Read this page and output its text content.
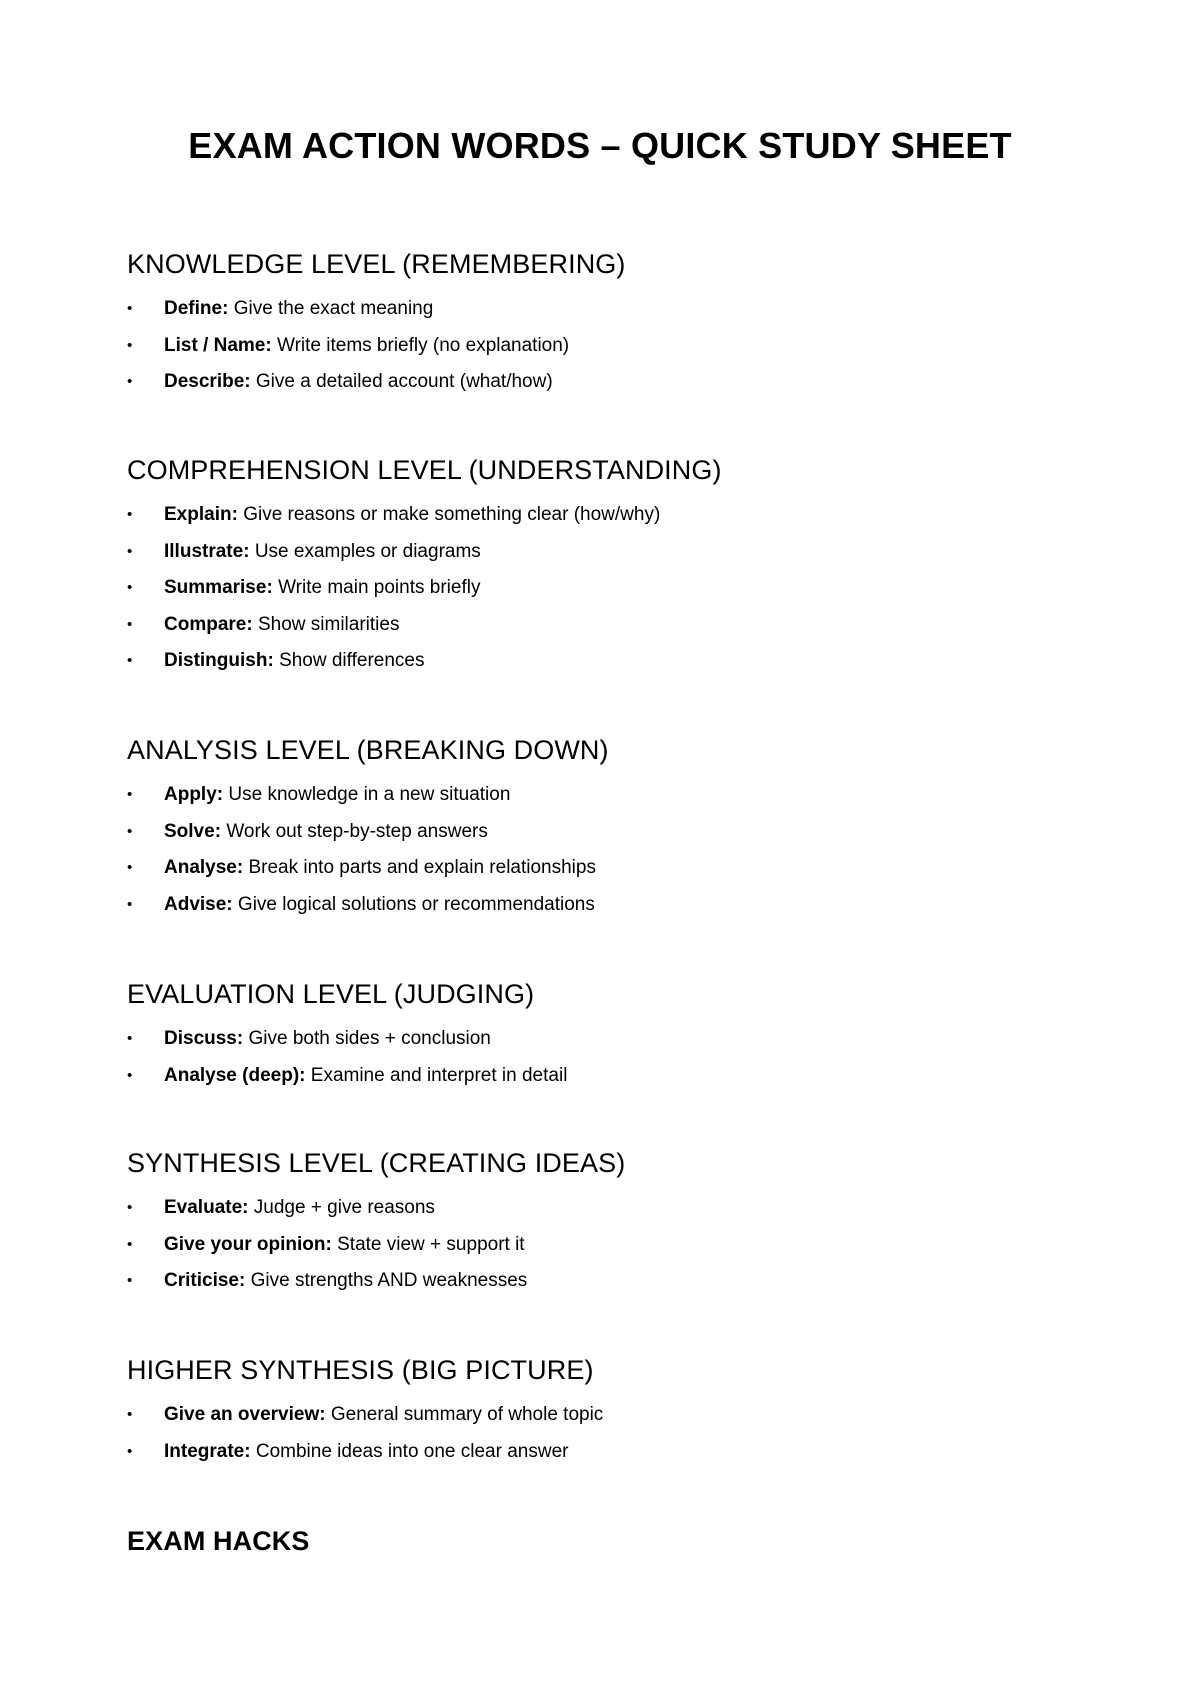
EXAM ACTION WORDS – QUICK STUDY SHEET
KNOWLEDGE LEVEL (REMEMBERING)
• Define: Give the exact meaning
• List / Name: Write items briefly (no explanation)
• Describe: Give a detailed account (what/how)
COMPREHENSION LEVEL (UNDERSTANDING)
• Explain: Give reasons or make something clear (how/why)
• Illustrate: Use examples or diagrams
• Summarise: Write main points briefly
• Compare: Show similarities
• Distinguish: Show differences
ANALYSIS LEVEL (BREAKING DOWN)
• Apply: Use knowledge in a new situation
• Solve: Work out step-by-step answers
• Analyse: Break into parts and explain relationships
• Advise: Give logical solutions or recommendations
EVALUATION LEVEL (JUDGING)
• Discuss: Give both sides + conclusion
• Analyse (deep): Examine and interpret in detail
SYNTHESIS LEVEL (CREATING IDEAS)
• Evaluate: Judge + give reasons
• Give your opinion: State view + support it
• Criticise: Give strengths AND weaknesses
HIGHER SYNTHESIS (BIG PICTURE)
• Give an overview: General summary of whole topic
• Integrate: Combine ideas into one clear answer
EXAM HACKS
